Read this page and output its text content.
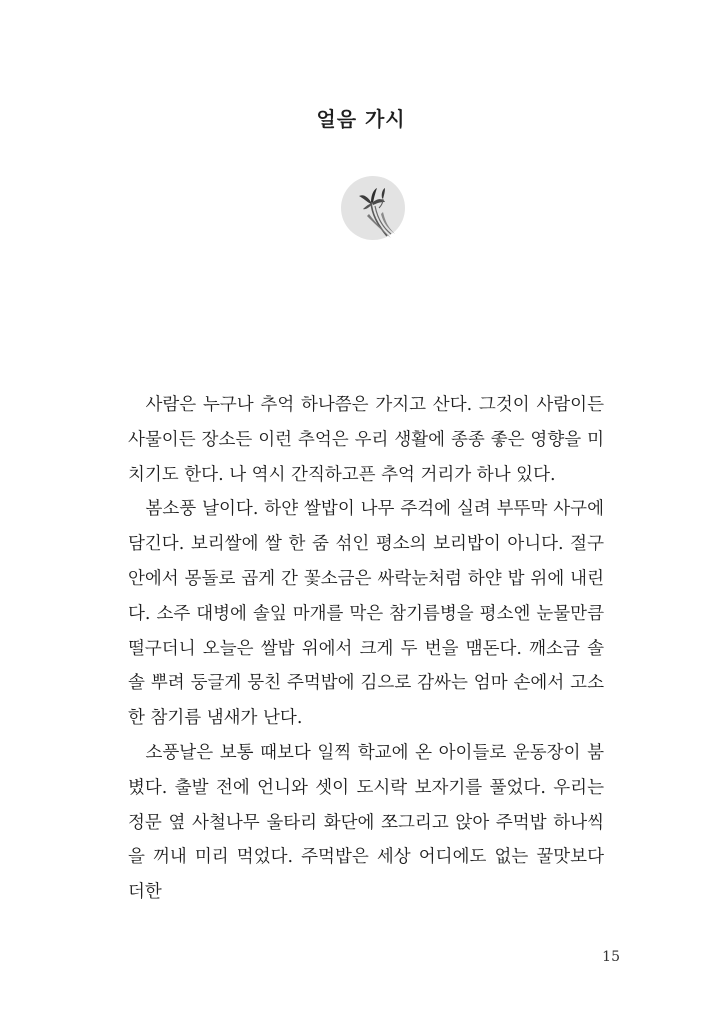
얼음 가시

사람은 누구나 추억 하나쯤은 가지고 산다. 그것이 사람이든 사물이든 장소든 이런 추억은 우리 생활에 종종 좋은 영향을 미치기도 한다. 나 역시 간직하고픈 추억 거리가 하나 있다.

봄소풍 날이다. 하얀 쌀밥이 나무 주걱에 실려 부뚜막 사구에 담긴다. 보리쌀에 쌀 한 줌 섞인 평소의 보리밥이 아니다. 절구 안에서 몽돌로 곱게 간 꽃소금은 싸락눈처럼 하얀 밥 위에 내린다. 소주 대병에 솔잎 마개를 막은 참기름병을 평소엔 눈물만큼 떨구더니 오늘은 쌀밥 위에서 크게 두 번을 맴돈다. 깨소금 솔솔 뿌려 둥글게 뭉친 주먹밥에 김으로 감싸는 엄마 손에서 고소한 참기름 냄새가 난다.

소풍날은 보통 때보다 일찍 학교에 온 아이들로 운동장이 붐볐다. 출발 전에 언니와 셋이 도시락 보자기를 풀었다. 우리는 정문 옆 사철나무 울타리 화단에 쪼그리고 앉아 주먹밥 하나씩을 꺼내 미리 먹었다. 주먹밥은 세상 어디에도 없는 꿀맛보다 더한

15
